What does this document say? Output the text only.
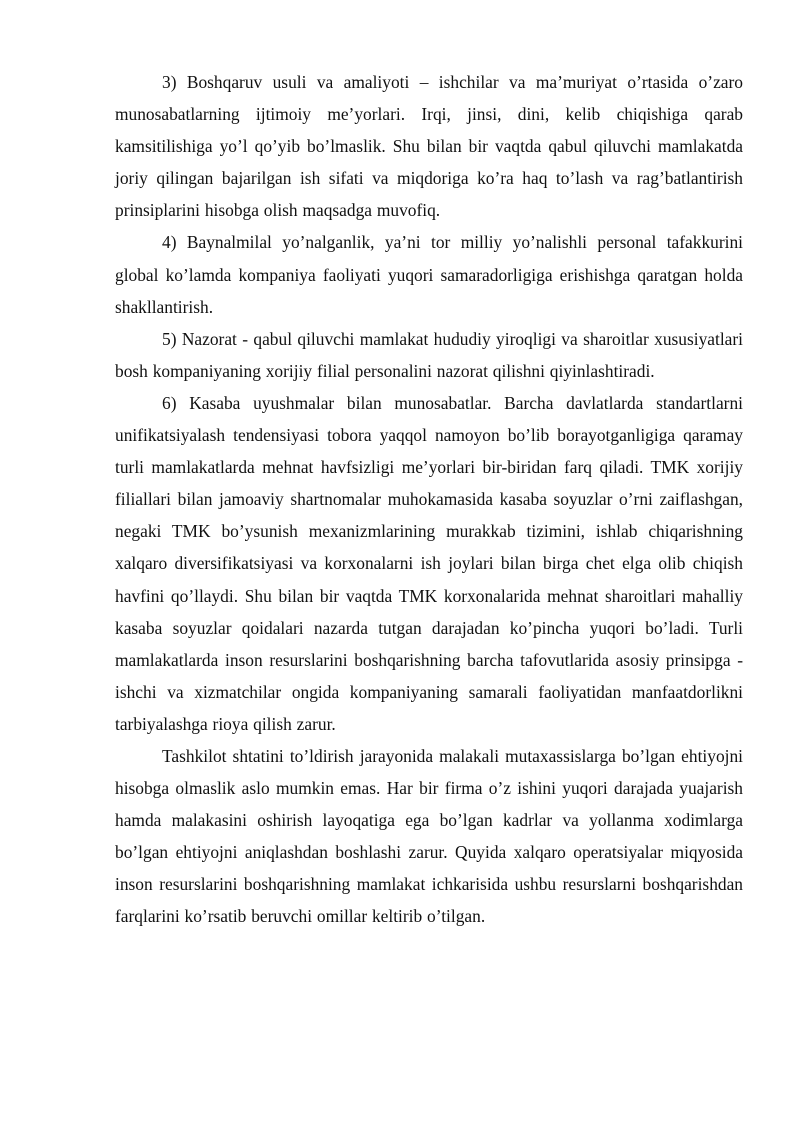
3) Boshqaruv usuli va amaliyoti – ishchilar va ma’muriyat o’rtasida o’zaro munosabatlarning ijtimoiy me’yorlari. Irqi, jinsi, dini, kelib chiqishiga qarab kamsitilishiga yo’l qo’yib bo’lmaslik. Shu bilan bir vaqtda qabul qiluvchi mamlakatda joriy qilingan bajarilgan ish sifati va miqdoriga ko’ra haq to’lash va rag’batlantirish prinsiplarini hisobga olish maqsadga muvofiq.

4) Baynalmilal yo’nalganlik, ya’ni tor milliy yo’nalishli personal tafakkurini global ko’lamda kompaniya faoliyati yuqori samaradorligiga erishishga qaratgan holda shakllantirish.

5) Nazorat - qabul qiluvchi mamlakat hududiy yiroqligi va sharoitlar xususiyatlari bosh kompaniyaning xorijiy filial personalini nazorat qilishni qiyinlashtiradi.

6) Kasaba uyushmalar bilan munosabatlar. Barcha davlatlarda standartlarni unifikatsiyalash tendensiyasi tobora yaqqol namoyon bo’lib borayotganligiga qaramay turli mamlakatlarda mehnat havfsizligi me’yorlari bir-biridan farq qiladi. TMK xorijiy filiallari bilan jamoaviy shartnomalar muhokamasida kasaba soyuzlar o’rni zaiflashgan, negaki TMK bo’ysunish mexanizmlarining murakkab tizimini, ishlab chiqarishning xalqaro diversifikatsiyasi va korxonalarni ish joylari bilan birga chet elga olib chiqish havfini qo’llaydi. Shu bilan bir vaqtda TMK korxonalarida mehnat sharoitlari mahalliy kasaba soyuzlar qoidalari nazarda tutgan darajadan ko’pincha yuqori bo’ladi. Turli mamlakatlarda inson resurslarini boshqarishning barcha tafovutlarida asosiy prinsipga - ishchi va xizmatchilar ongida kompaniyaning samarali faoliyatidan manfaatdorlikni tarbiyalashga rioya qilish zarur.

Tashkilot shtatini to’ldirish jarayonida malakali mutaxassislarga bo’lgan ehtiyojni hisobga olmaslik aslo mumkin emas. Har bir firma o’z ishini yuqori darajada yuajarish hamda malakasini oshirish layoqatiga ega bo’lgan kadrlar va yollanma xodimlarga bo’lgan ehtiyojni aniqlashdan boshlashi zarur. Quyida xalqaro operatsiyalar miqyosida inson resurslarini boshqarishning mamlakat ichkarisida ushbu resurslarni boshqarishdan farqlarini ko’rsatib beruvchi omillar keltirib o’tilgan.
